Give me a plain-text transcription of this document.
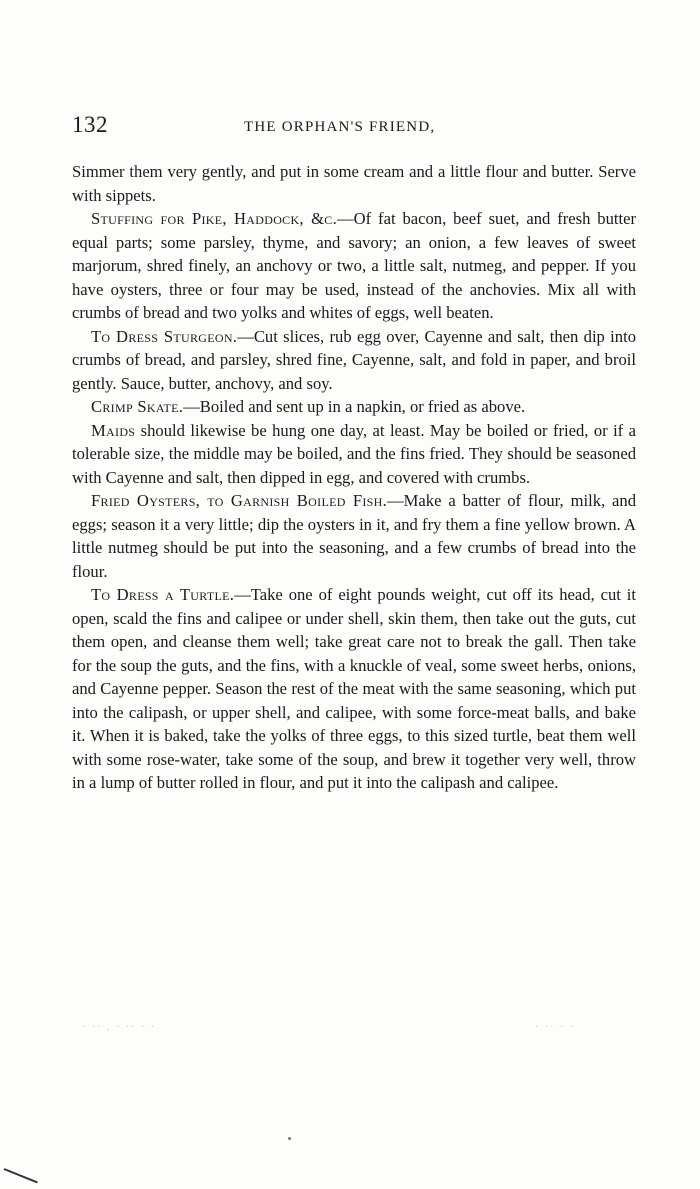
132	THE ORPHAN'S FRIEND,

Simmer them very gently, and put in some cream and a little flour and butter. Serve with sippets.

Stuffing for Pike, Haddock, &c.—Of fat bacon, beef suet, and fresh butter equal parts; some parsley, thyme, and savory; an onion, a few leaves of sweet marjorum, shred finely, an anchovy or two, a little salt, nutmeg, and pepper. If you have oysters, three or four may be used, instead of the anchovies. Mix all with crumbs of bread and two yolks and whites of eggs, well beaten.

To Dress Sturgeon.—Cut slices, rub egg over, Cayenne and salt, then dip into crumbs of bread, and parsley, shred fine, Cayenne, salt, and fold in paper, and broil gently. Sauce, butter, anchovy, and soy.

Crimp Skate.—Boiled and sent up in a napkin, or fried as above.

Maids should likewise be hung one day, at least. May be boiled or fried, or if a tolerable size, the middle may be boiled, and the fins fried. They should be seasoned with Cayenne and salt, then dipped in egg, and covered with crumbs.

Fried Oysters, to Garnish Boiled Fish.—Make a batter of flour, milk, and eggs; season it a very little; dip the oysters in it, and fry them a fine yellow brown. A little nutmeg should be put into the seasoning, and a few crumbs of bread into the flour.

To Dress a Turtle.—Take one of eight pounds weight, cut off its head, cut it open, scald the fins and calipee or under shell, skin them, then take out the guts, cut them open, and cleanse them well; take great care not to break the gall. Then take for the soup the guts, and the fins, with a knuckle of veal, some sweet herbs, onions, and Cayenne pepper. Season the rest of the meat with the same seasoning, which put into the calipash, or upper shell, and calipee, with some force-meat balls, and bake it. When it is baked, take the yolks of three eggs, to this sized turtle, beat them well with some rose-water, take some of the soup, and brew it together very well, throw in a lump of butter rolled in flour, and put it into the calipash and calipee.

· ·· , · ·· · ·	· ·· · ·
